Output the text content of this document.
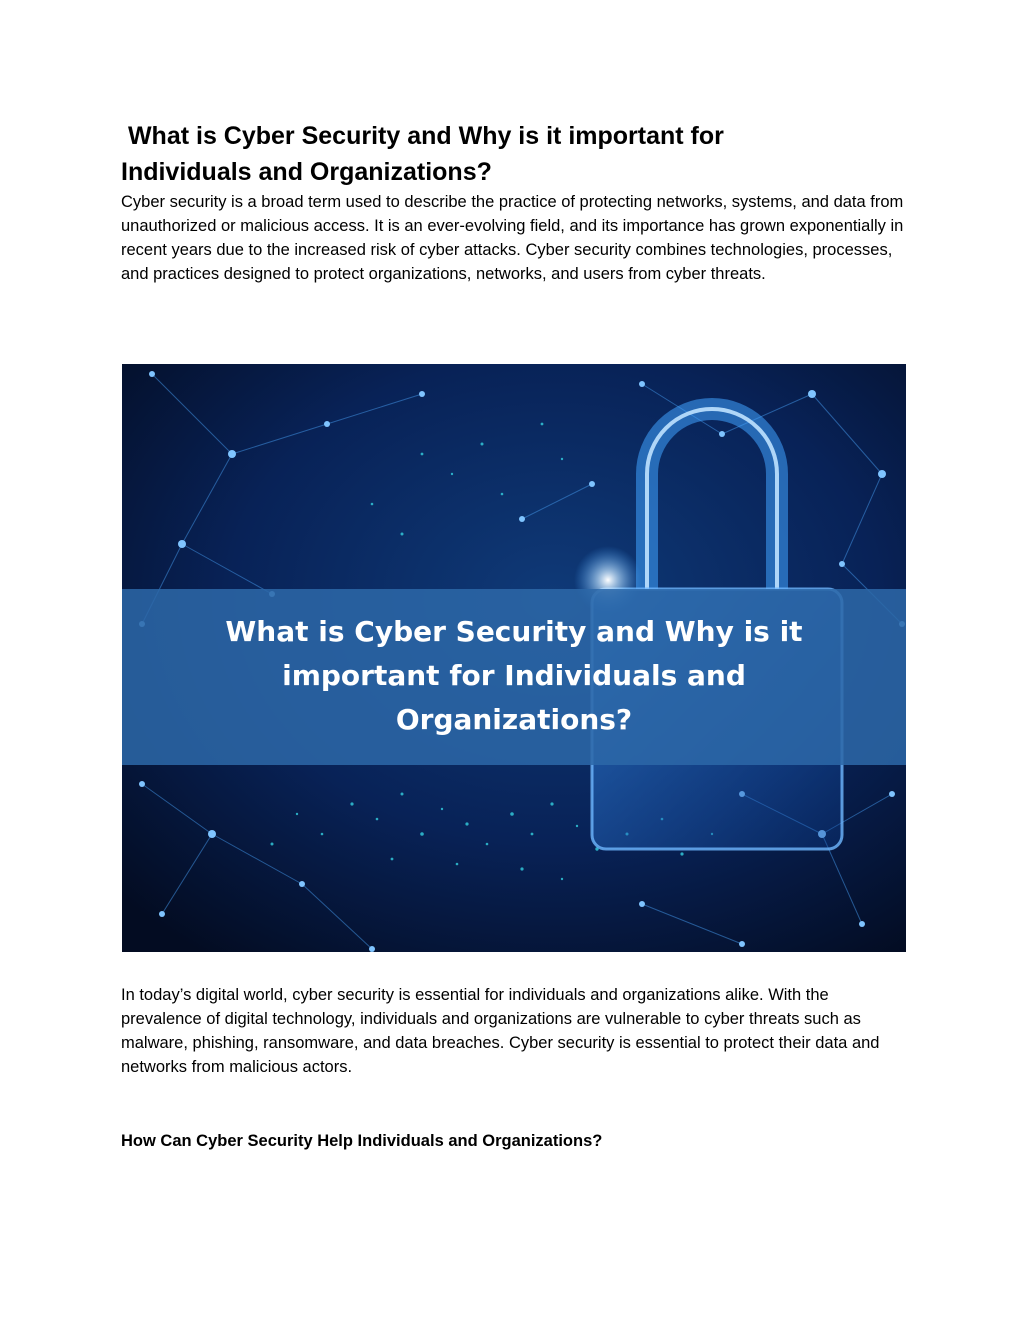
What is Cyber Security and Why is it important for
Individuals and Organizations?

Cyber security is a broad term used to describe the practice of protecting networks, systems, and data from unauthorized or malicious access. It is an ever-evolving field, and its importance has grown exponentially in recent years due to the increased risk of cyber attacks. Cyber security combines technologies, processes, and practices designed to protect organizations, networks, and users from cyber threats.

What is Cyber Security and Why is it
important for Individuals and
Organizations?

In today’s digital world, cyber security is essential for individuals and organizations alike. With the prevalence of digital technology, individuals and organizations are vulnerable to cyber threats such as malware, phishing, ransomware, and data breaches. Cyber security is essential to protect their data and networks from malicious actors.

How Can Cyber Security Help Individuals and Organizations?
